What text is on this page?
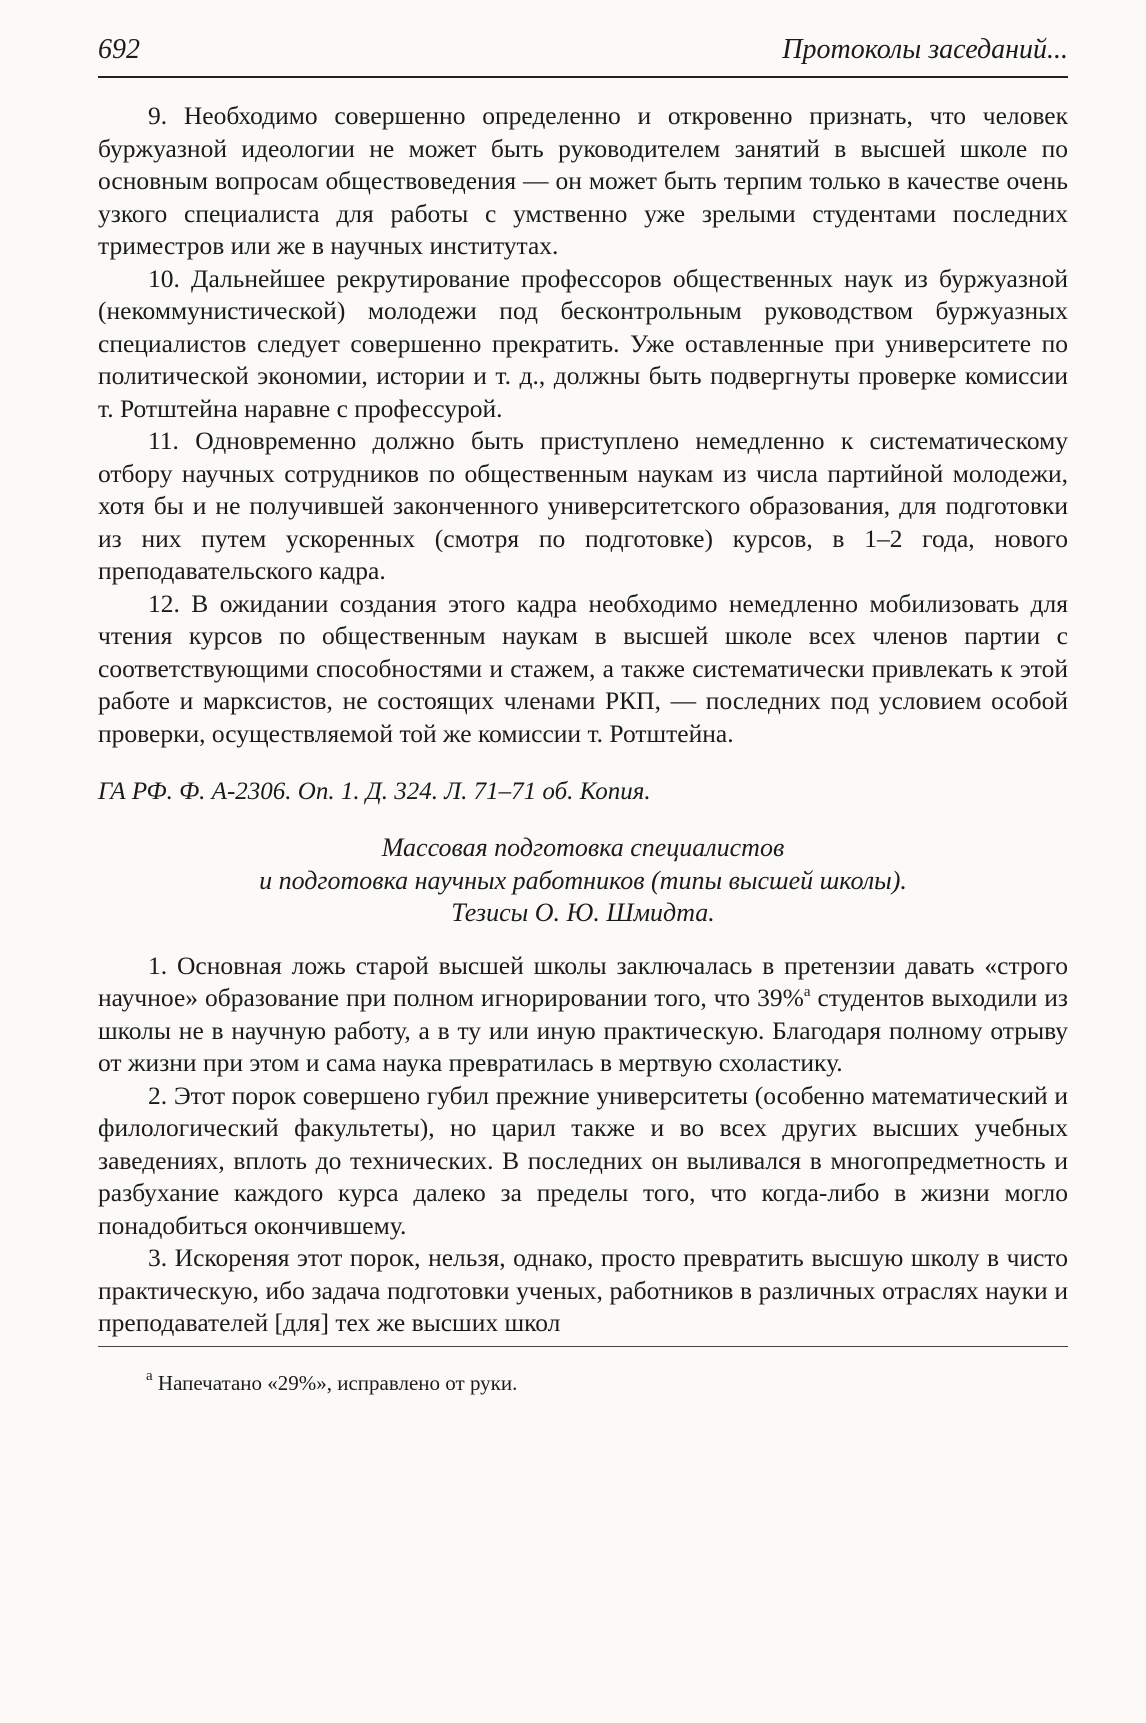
692	Протоколы заседаний...

9. Необходимо совершенно определенно и откровенно признать, что человек буржуазной идеологии не может быть руководителем занятий в высшей школе по основным вопросам обществоведения — он может быть терпим только в качестве очень узкого специалиста для работы с умственно уже зрелыми студентами последних триместров или же в научных институтах.

10. Дальнейшее рекрутирование профессоров общественных наук из буржуазной (некоммунистической) молодежи под бесконтрольным руководством буржуазных специалистов следует совершенно прекратить. Уже оставленные при университете по политической экономии, истории и т. д., должны быть подвергнуты проверке комиссии т. Ротштейна наравне с профессурой.

11. Одновременно должно быть приступлено немедленно к систематическому отбору научных сотрудников по общественным наукам из числа партийной молодежи, хотя бы и не получившей законченного университетского образования, для подготовки из них путем ускоренных (смотря по подготовке) курсов, в 1–2 года, нового преподавательского кадра.

12. В ожидании создания этого кадра необходимо немедленно мобилизовать для чтения курсов по общественным наукам в высшей школе всех членов партии с соответствующими способностями и стажем, а также систематически привлекать к этой работе и марксистов, не состоящих членами РКП, — последних под условием особой проверки, осуществляемой той же комиссии т. Ротштейна.

ГА РФ. Ф. А-2306. Оп. 1. Д. 324. Л. 71–71 об. Копия.

Массовая подготовка специалистов

и подготовка научных работников (типы высшей школы).

Тезисы О. Ю. Шмидта.

1. Основная ложь старой высшей школы заключалась в претензии давать «строго научное» образование при полном игнорировании того, что 39%$^a$ студентов выходили из школы не в научную работу, а в ту или иную практическую. Благодаря полному отрыву от жизни при этом и сама наука превратилась в мертвую схоластику.

2. Этот порок совершено губил прежние университеты (особенно математический и филологический факультеты), но царил также и во всех других высших учебных заведениях, вплоть до технических. В последних он выливался в многопредметность и разбухание каждого курса далеко за пределы того, что когда-либо в жизни могло понадобиться окончившему.

3. Искореняя этот порок, нельзя, однако, просто превратить высшую школу в чисто практическую, ибо задача подготовки ученых, работников в различных отраслях науки и преподавателей [для] тех же высших школ

$^a$ Напечатано «29%», исправлено от руки.
